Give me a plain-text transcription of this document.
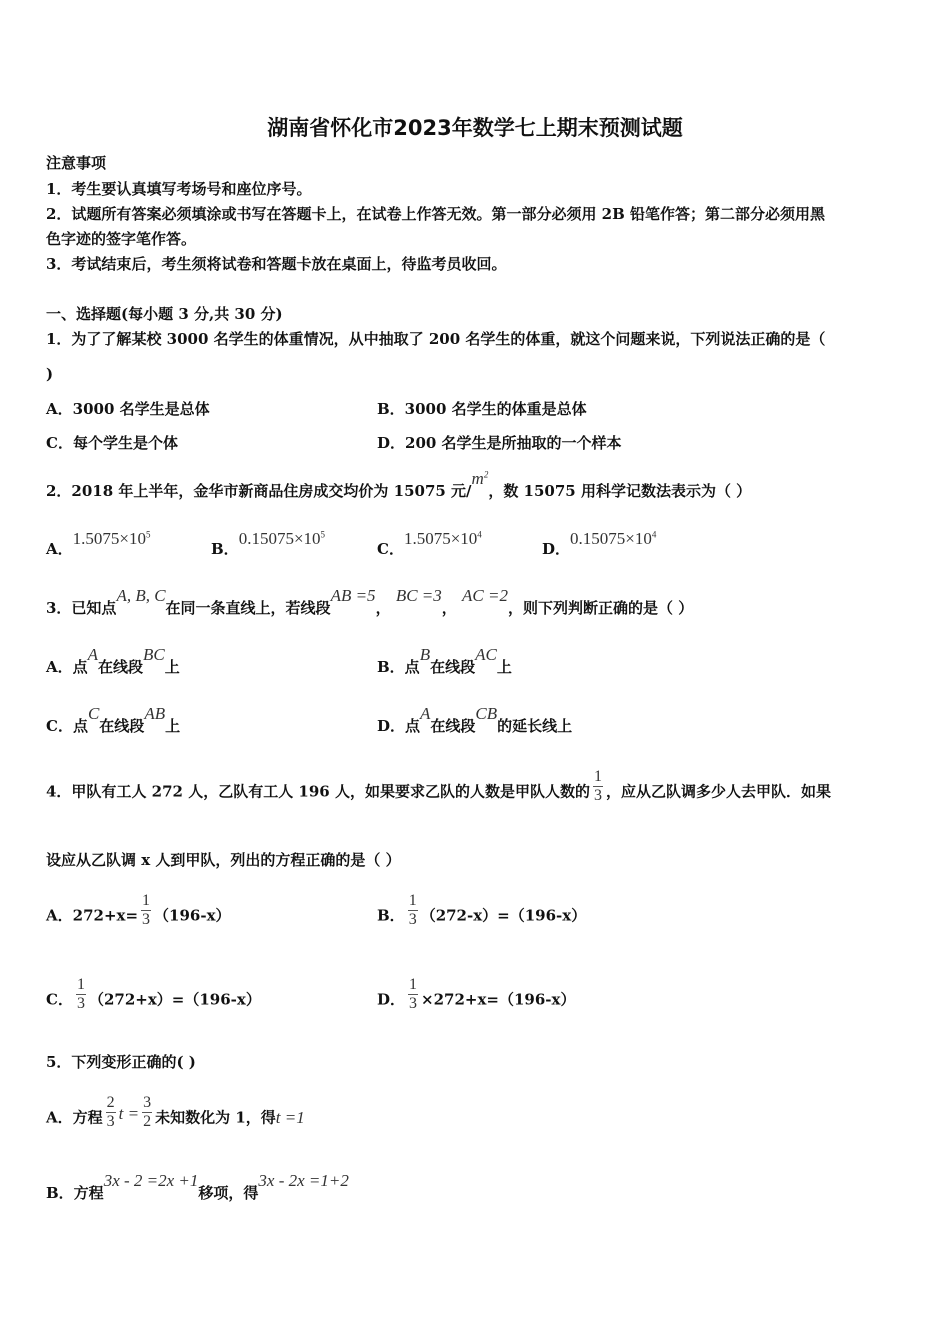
湖南省怀化市2023年数学七上期末预测试题
注意事项
1．考生要认真填写考场号和座位序号。
2．试题所有答案必须填涂或书写在答题卡上，在试卷上作答无效。第一部分必须用 2B 铅笔作答；第二部分必须用黑
色字迹的签字笔作答。
3．考试结束后，考生须将试卷和答题卡放在桌面上，待监考员收回。
一、选择题(每小题 3 分,共 30 分)
1．为了了解某校 3000 名学生的体重情况，从中抽取了 200 名学生的体重，就这个问题来说，下列说法正确的是（
)
A．3000 名学生是总体	B．3000 名学生的体重是总体
C．每个学生是个体	D．200 名学生是所抽取的一个样本
2．2018 年上半年，金华市新商品住房成交均价为 15075 元$/m^2$，数 15075 用科学记数法表示为（ ）
A．$1.5075\times 10^5$
B．$0.15075\times 10^5$
C．$1.5075\times 10^4$
D．$0.15075\times 10^4$
3．已知点A, B, C在同一条直线上，若线段AB =5， BC =3， AC =2，则下列判断正确的是（ ）
A．点A在线段BC上	B．点B在线段AC上
C．点C在线段AB上	D．点A在线段CB的延长线上
4．甲队有工人 272 人，乙队有工人 196 人，如果要求乙队的人数是甲队人数的 $\frac{1}{3}$ ，应从乙队调多少人去甲队．如果
设应从乙队调 x 人到甲队，列出的方程正确的是（ ）
A．$272+x= \frac{1}{3} (196-x)$	B． $\frac{1}{3} (272-x)=(196-x)$
C． $\frac{1}{3} (272+x)=(196-x)$	D． $\frac{1}{3} \times 272+x=(196-x)$
5．下列变形正确的( )
A．方程 $\frac{2}{3}$ $t = \frac{3}{2}$ 未知数化为 1，得t =1
B．方程3x - 2 =2x +1移项，得3x - 2x =1+2
